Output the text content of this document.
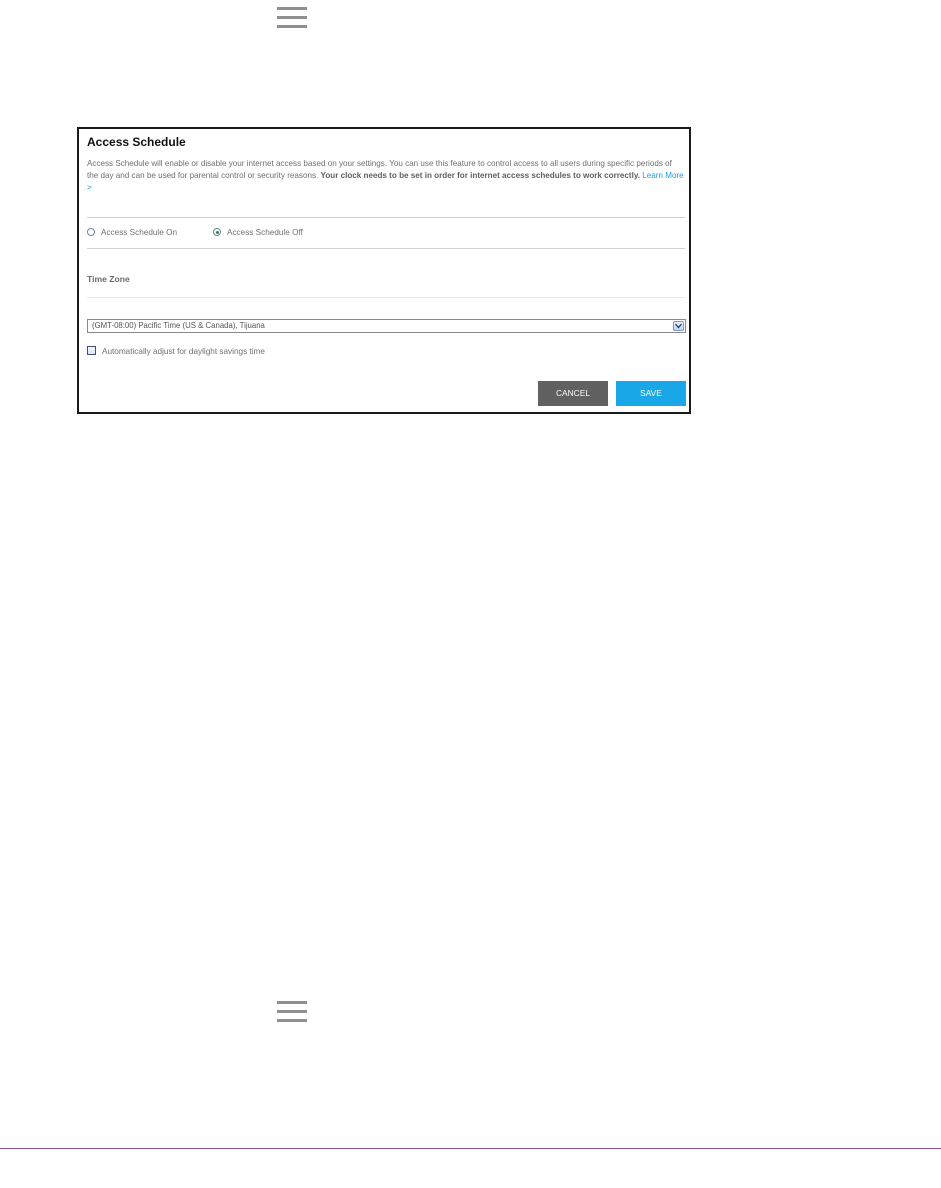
Access Schedule

Access Schedule will enable or disable your internet access based on your settings. You can use this feature to control access to all users during specific periods of the day and can be used for parental control or security reasons. Your clock needs to be set in order for internet access schedules to work correctly. Learn More >

Access Schedule On	Access Schedule Off
Time Zone
(GMT-08:00) Pacific Time (US & Canada), Tijuana
Automatically adjust for daylight savings time
CANCEL	SAVE
